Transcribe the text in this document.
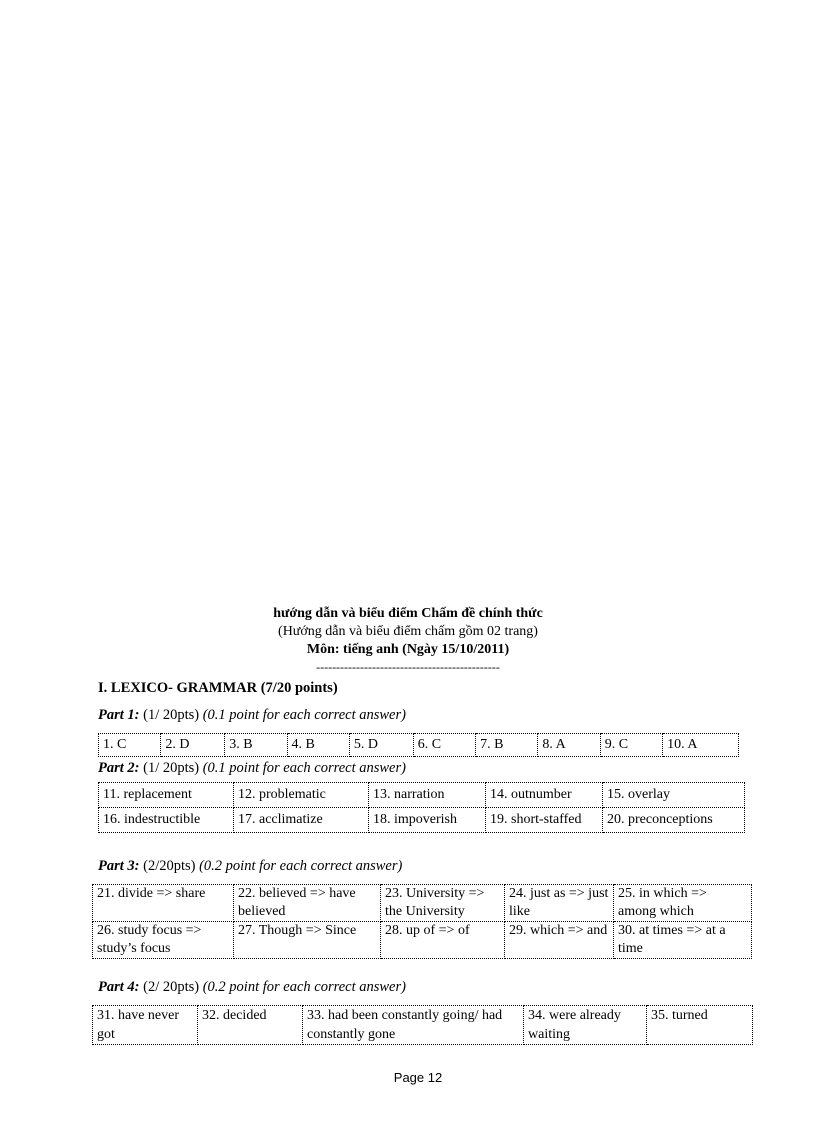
hướng dẫn và biểu điểm Chấm đề chính thức
(Hướng dẫn và biểu điểm chấm gồm 02 trang)
Môn: tiếng anh (Ngày 15/10/2011)
----------------------------------------------
I. LEXICO- GRAMMAR (7/20 points)
Part 1: (1/ 20pts) (0.1 point for each correct answer)
1. C	2. D	3. B	4. B	5. D	6. C	7. B	8. A	9. C	10. A
Part 2: (1/ 20pts) (0.1 point for each correct answer)
11. replacement	12. problematic	13. narration	14. outnumber	15. overlay
16. indestructible	17. acclimatize	18. impoverish	19. short-staffed	20. preconceptions
Part 3: (2/20pts) (0.2 point for each correct answer)
21. divide => share	22. believed => have believed	23. University => the University	24. just as => just like	25. in which => among which
26. study focus => study’s focus	27. Though => Since	28. up of => of	29. which => and	30. at times => at a time
Part 4: (2/ 20pts) (0.2 point for each correct answer)
31. have never got	32. decided	33. had been constantly going/ had constantly gone	34. were already waiting	35. turned
Page 12
